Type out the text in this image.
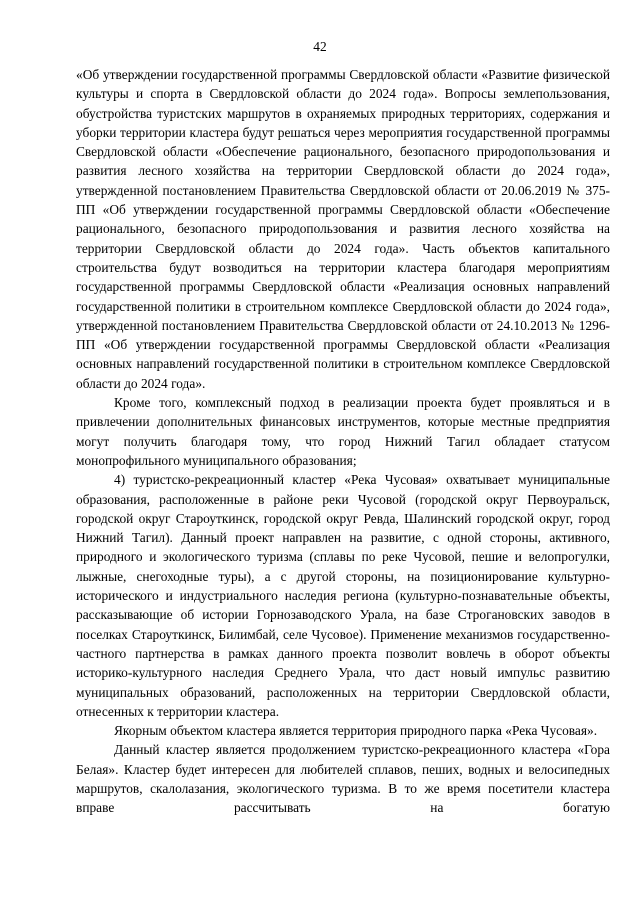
42

«Об утверждении государственной программы Свердловской области «Развитие физической культуры и спорта в Свердловской области до 2024 года». Вопросы землепользования, обустройства туристских маршрутов в охраняемых природных территориях, содержания и уборки территории кластера будут решаться через мероприятия государственной программы Свердловской области «Обеспечение рационального, безопасного природопользования и развития лесного хозяйства на территории Свердловской области до 2024 года», утвержденной постановлением Правительства Свердловской области от 20.06.2019 № 375-ПП «Об утверждении государственной программы Свердловской области «Обеспечение рационального, безопасного природопользования и развития лесного хозяйства на территории Свердловской области до 2024 года». Часть объектов капитального строительства будут возводиться на территории кластера благодаря мероприятиям государственной программы Свердловской области «Реализация основных направлений государственной политики в строительном комплексе Свердловской области до 2024 года», утвержденной постановлением Правительства Свердловской области от 24.10.2013 № 1296-ПП «Об утверждении государственной программы Свердловской области «Реализация основных направлений государственной политики в строительном комплексе Свердловской области до 2024 года».

Кроме того, комплексный подход в реализации проекта будет проявляться и в привлечении дополнительных финансовых инструментов, которые местные предприятия могут получить благодаря тому, что город Нижний Тагил обладает статусом монопрофильного муниципального образования;

4) туристско-рекреационный кластер «Река Чусовая» охватывает муниципальные образования, расположенные в районе реки Чусовой (городской округ Первоуральск, городской округ Староуткинск, городской округ Ревда, Шалинский городской округ, город Нижний Тагил). Данный проект направлен на развитие, с одной стороны, активного, природного и экологического туризма (сплавы по реке Чусовой, пешие и велопрогулки, лыжные, снегоходные туры), а с другой стороны, на позиционирование культурно-исторического и индустриального наследия региона (культурно-познавательные объекты, рассказывающие об истории Горнозаводского Урала, на базе Строгановских заводов в поселках Староуткинск, Билимбай, селе Чусовое). Применение механизмов государственно-частного партнерства в рамках данного проекта позволит вовлечь в оборот объекты историко-культурного наследия Среднего Урала, что даст новый импульс развитию муниципальных образований, расположенных на территории Свердловской области, отнесенных к территории кластера.

Якорным объектом кластера является территория природного парка «Река Чусовая».

Данный кластер является продолжением туристско-рекреационного кластера «Гора Белая». Кластер будет интересен для любителей сплавов, пеших, водных и велосипедных маршрутов, скалолазания, экологического туризма. В то же время посетители кластера вправе рассчитывать на богатую
